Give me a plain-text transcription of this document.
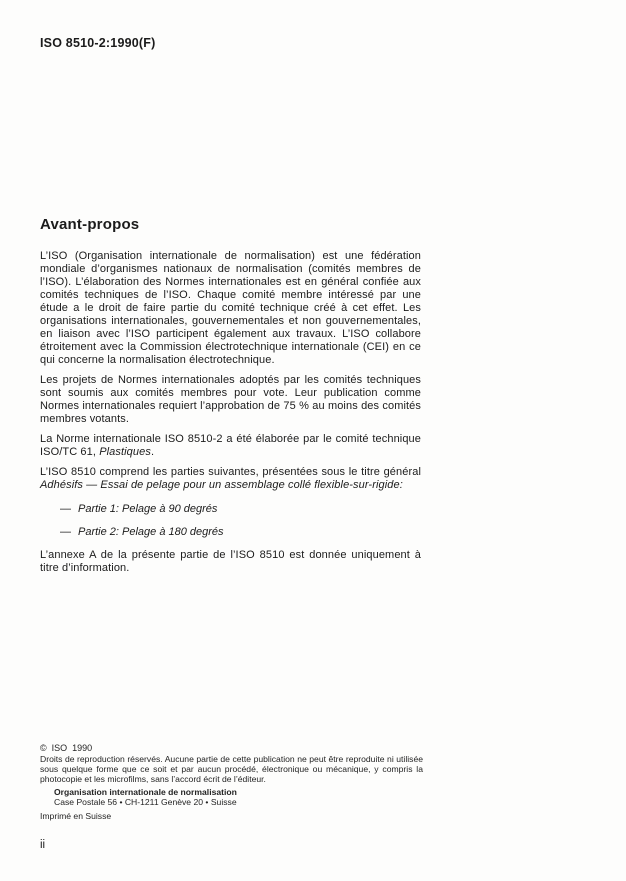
ISO 8510-2:1990(F)
Avant-propos

L’ISO (Organisation internationale de normalisation) est une fédération mondiale d’organismes nationaux de normalisation (comités membres de l’ISO). L’élaboration des Normes internationales est en général confiée aux comités techniques de l’ISO. Chaque comité membre intéressé par une étude a le droit de faire partie du comité technique créé à cet effet. Les organisations internationales, gouvernementales et non gouvernementales, en liaison avec l’ISO participent également aux travaux. L’ISO collabore étroitement avec la Commission électrotechnique internationale (CEI) en ce qui concerne la normalisation électrotechnique.

Les projets de Normes internationales adoptés par les comités techniques sont soumis aux comités membres pour vote. Leur publication comme Normes internationales requiert l’approbation de 75 % au moins des comités membres votants.

La Norme internationale ISO 8510-2 a été élaborée par le comité technique ISO/TC 61, Plastiques.

L’ISO 8510 comprend les parties suivantes, présentées sous le titre général Adhésifs — Essai de pelage pour un assemblage collé flexible-sur-rigide:

— Partie 1: Pelage à 90 degrés
— Partie 2: Pelage à 180 degrés

L’annexe A de la présente partie de l’ISO 8510 est donnée uniquement à titre d’information.

©  ISO  1990

Droits de reproduction réservés. Aucune partie de cette publication ne peut être reproduite ni utilisée sous quelque forme que ce soit et par aucun procédé, électronique ou mécanique, y compris la photocopie et les microfilms, sans l’accord écrit de l’éditeur.

Organisation internationale de normalisation
Case Postale 56 • CH-1211 Genève 20 • Suisse
Imprimé en Suisse
ii
